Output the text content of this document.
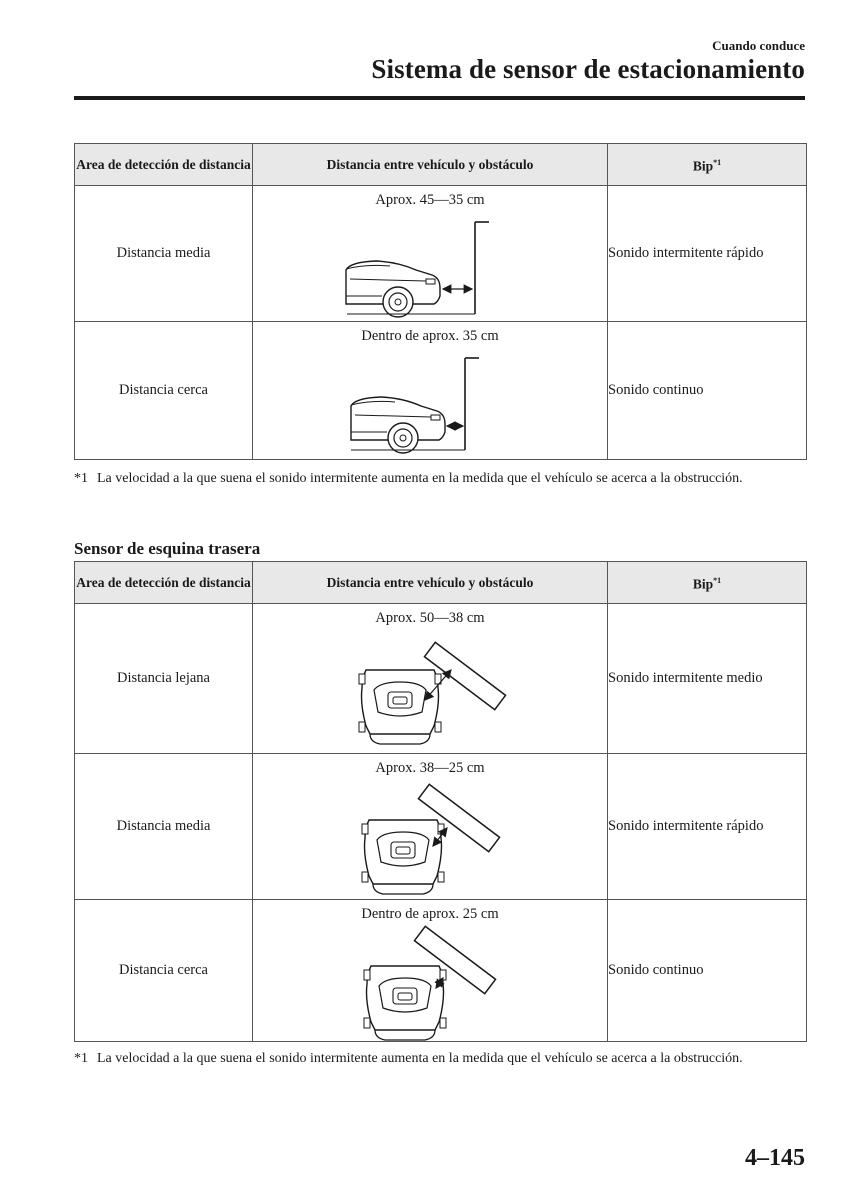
Cuando conduce
Sistema de sensor de estacionamiento
Area de detección de distancia	Distancia entre vehículo y obstáculo	Bip$^{*1}$
Distancia media	Aprox. 45—35 cm	Sonido intermitente rápido
Distancia cerca	Dentro de aprox. 35 cm	Sonido continuo
*1 La velocidad a la que suena el sonido intermitente aumenta en la medida que el vehículo se acerca a la obstrucción.
Sensor de esquina trasera
Area de detección de distancia	Distancia entre vehículo y obstáculo	Bip$^{*1}$
Distancia lejana	Aprox. 50—38 cm	Sonido intermitente medio
Distancia media	Aprox. 38—25 cm	Sonido intermitente rápido
Distancia cerca	Dentro de aprox. 25 cm	Sonido continuo
*1 La velocidad a la que suena el sonido intermitente aumenta en la medida que el vehículo se acerca a la obstrucción.
4–145
